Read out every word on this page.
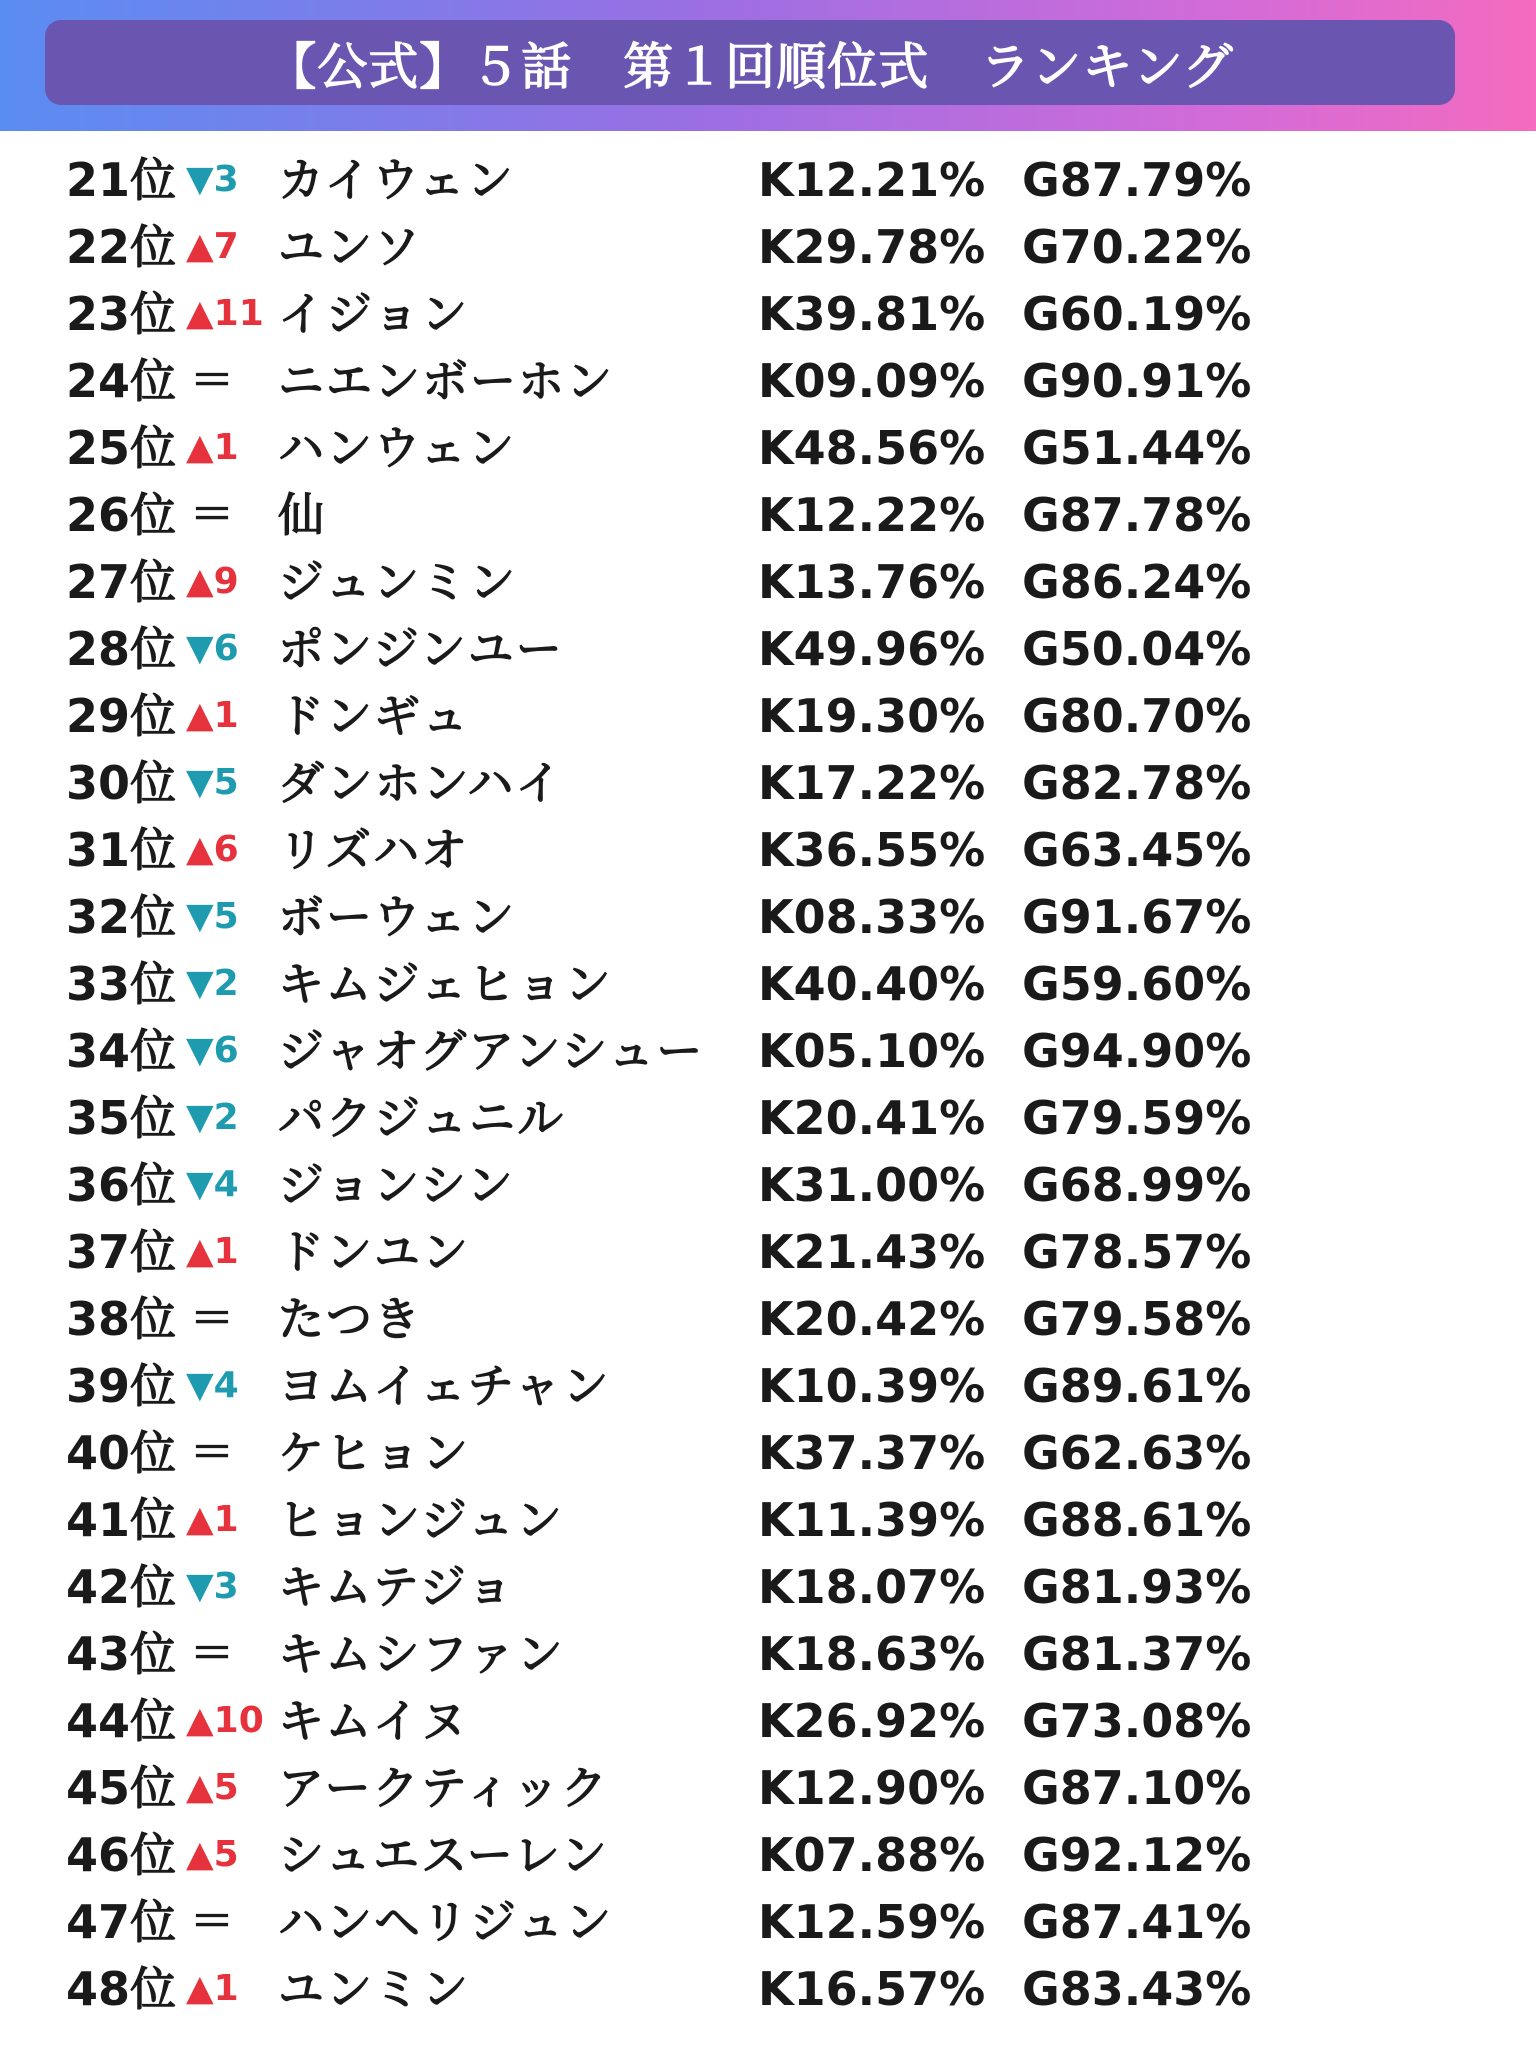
【公式】５話　第１回順位式　ランキング
21位 ▼3 カイウェン	K12.21% G87.79%
22位 ▲7 ユンソ	K29.78% G70.22%
23位 ▲11 イジョン	K39.81% G60.19%
24位 ＝ ニエンボーホン	K09.09% G90.91%
25位 ▲1 ハンウェン	K48.56% G51.44%
26位 ＝ 仙	K12.22% G87.78%
27位 ▲9 ジュンミン	K13.76% G86.24%
28位 ▼6 ポンジンユー	K49.96% G50.04%
29位 ▲1 ドンギュ	K19.30% G80.70%
30位 ▼5 ダンホンハイ	K17.22% G82.78%
31位 ▲6 リズハオ	K36.55% G63.45%
32位 ▼5 ボーウェン	K08.33% G91.67%
33位 ▼2 キムジェヒョン	K40.40% G59.60%
34位 ▼6 ジャオグアンシュー K05.10% G94.90%
35位 ▼2 パクジュニル	K20.41% G79.59%
36位 ▼4 ジョンシン	K31.00% G68.99%
37位 ▲1 ドンユン	K21.43% G78.57%
38位 ＝ たつき	K20.42% G79.58%
39位 ▼4 ヨムイェチャン	K10.39% G89.61%
40位 ＝ ケヒョン	K37.37% G62.63%
41位 ▲1 ヒョンジュン	K11.39% G88.61%
42位 ▼3 キムテジョ	K18.07% G81.93%
43位 ＝ キムシファン	K18.63% G81.37%
44位 ▲10 キムイヌ	K26.92% G73.08%
45位 ▲5 アークティック	K12.90% G87.10%
46位 ▲5 シュエスーレン	K07.88% G92.12%
47位 ＝ ハンヘリジュン	K12.59% G87.41%
48位 ▲1 ユンミン	K16.57% G83.43%
